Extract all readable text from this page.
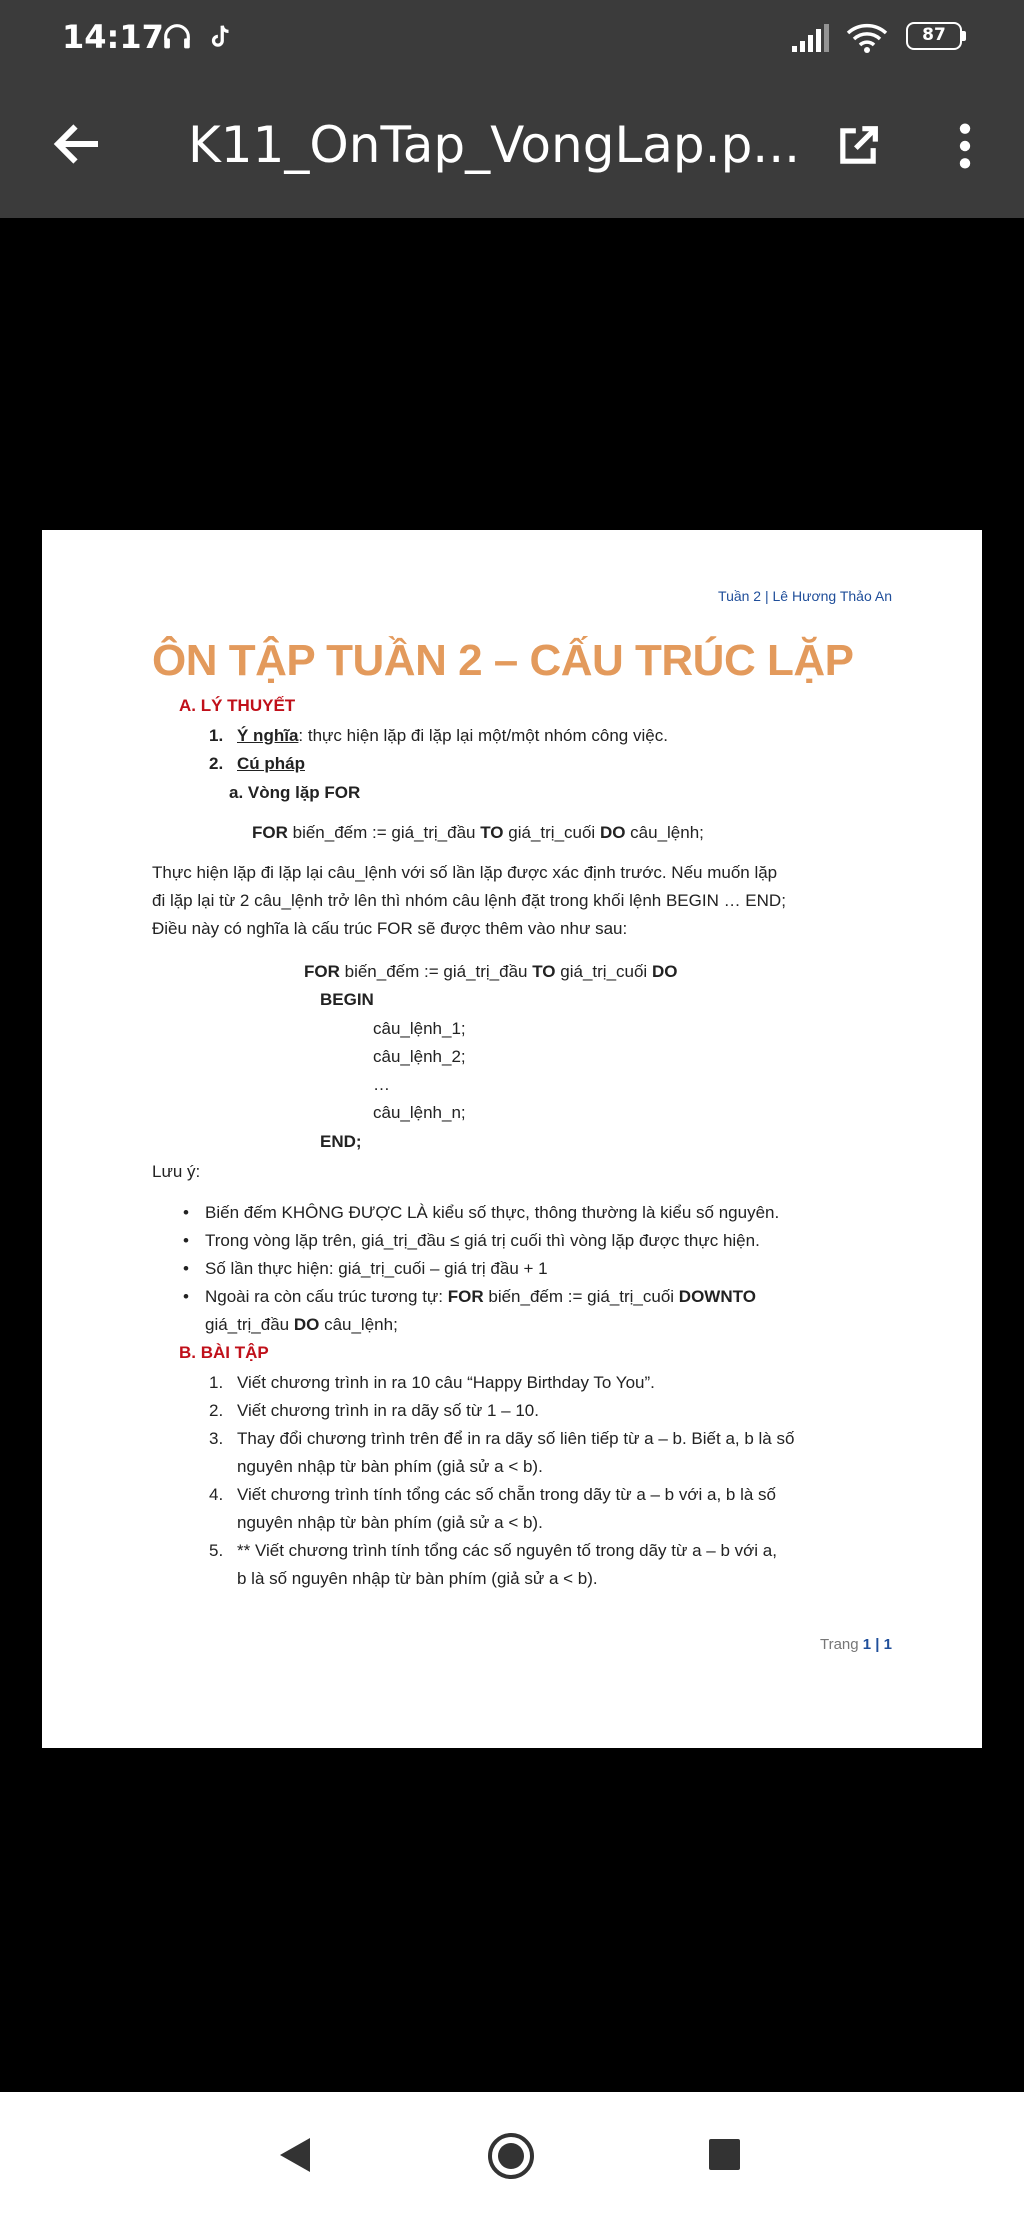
14:17	87
K11_OnTap_VongLap.p...
Tuần 2 | Lê Hương Thảo An
ÔN TẬP TUẦN 2 – CẤU TRÚC LẶP
A. LÝ THUYẾT
1. Ý nghĩa: thực hiện lặp đi lặp lại một/một nhóm công việc.
2. Cú pháp
a. Vòng lặp FOR
FOR biến_đếm := giá_trị_đầu TO giá_trị_cuối DO câu_lệnh;
Thực hiện lặp đi lặp lại câu_lệnh với số lần lặp được xác định trước. Nếu muốn lặp
đi lặp lại từ 2 câu_lệnh trở lên thì nhóm câu lệnh đặt trong khối lệnh BEGIN … END;
Điều này có nghĩa là cấu trúc FOR sẽ được thêm vào như sau:
FOR biến_đếm := giá_trị_đầu TO giá_trị_cuối DO
BEGIN
câu_lệnh_1;
câu_lệnh_2;
…
câu_lệnh_n;
END;
Lưu ý:
• Biến đếm KHÔNG ĐƯỢC LÀ kiểu số thực, thông thường là kiểu số nguyên.
• Trong vòng lặp trên, giá_trị_đầu ≤ giá trị cuối thì vòng lặp được thực hiện.
• Số lần thực hiện: giá_trị_cuối – giá trị đầu + 1
• Ngoài ra còn cấu trúc tương tự: FOR biến_đếm := giá_trị_cuối DOWNTO
giá_trị_đầu DO câu_lệnh;
B. BÀI TẬP
1. Viết chương trình in ra 10 câu “Happy Birthday To You”.
2. Viết chương trình in ra dãy số từ 1 – 10.
3. Thay đổi chương trình trên để in ra dãy số liên tiếp từ a – b. Biết a, b là số
nguyên nhập từ bàn phím (giả sử a < b).
4. Viết chương trình tính tổng các số chẵn trong dãy từ a – b với a, b là số
nguyên nhập từ bàn phím (giả sử a < b).
5. ** Viết chương trình tính tổng các số nguyên tố trong dãy từ a – b với a,
b là số nguyên nhập từ bàn phím (giả sử a < b).
Trang 1 | 1
